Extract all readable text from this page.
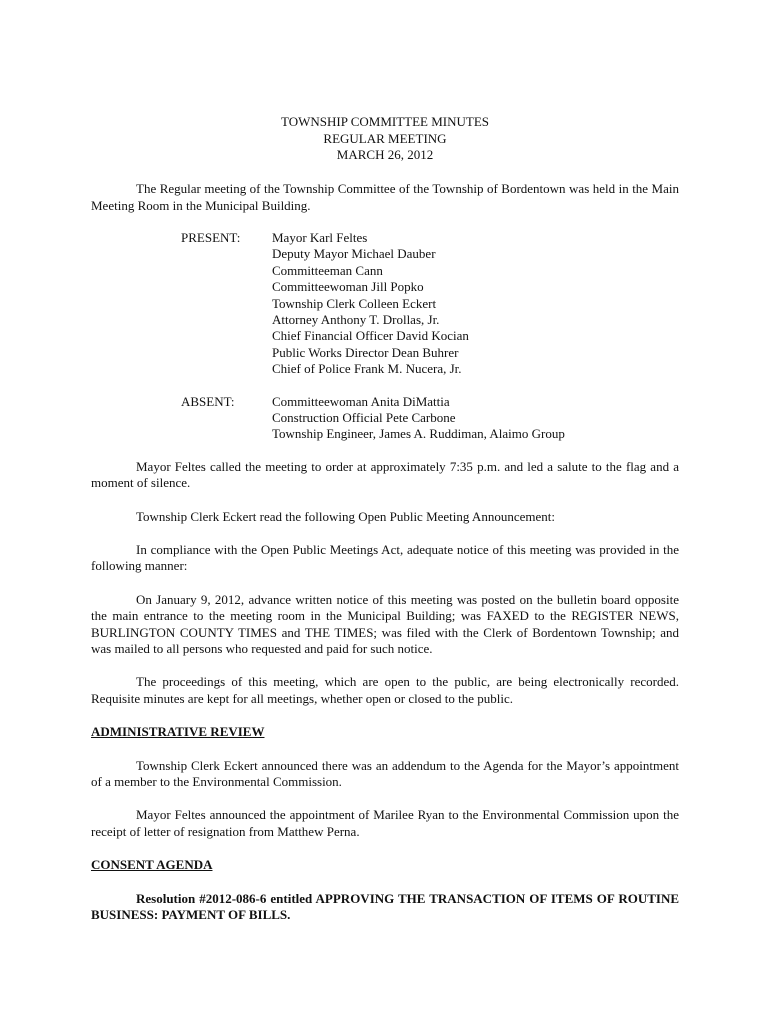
TOWNSHIP COMMITTEE MINUTES
REGULAR MEETING
MARCH 26, 2012

The Regular meeting of the Township Committee of the Township of Bordentown was held in the Main Meeting Room in the Municipal Building.

PRESENT:	Mayor Karl Feltes
Deputy Mayor Michael Dauber
Committeeman Cann
Committeewoman Jill Popko
Township Clerk Colleen Eckert
Attorney Anthony T. Drollas, Jr.
Chief Financial Officer David Kocian
Public Works Director Dean Buhrer
Chief of Police Frank M. Nucera, Jr.
ABSENT:	Committeewoman Anita DiMattia
Construction Official Pete Carbone
Township Engineer, James A. Ruddiman, Alaimo Group

Mayor Feltes called the meeting to order at approximately 7:35 p.m. and led a salute to the flag and a moment of silence.

Township Clerk Eckert read the following Open Public Meeting Announcement:

In compliance with the Open Public Meetings Act, adequate notice of this meeting was provided in the following manner:

On January 9, 2012, advance written notice of this meeting was posted on the bulletin board opposite the main entrance to the meeting room in the Municipal Building; was FAXED to the REGISTER NEWS, BURLINGTON COUNTY TIMES and THE TIMES; was filed with the Clerk of Bordentown Township; and was mailed to all persons who requested and paid for such notice.

The proceedings of this meeting, which are open to the public, are being electronically recorded. Requisite minutes are kept for all meetings, whether open or closed to the public.

ADMINISTRATIVE REVIEW

Township Clerk Eckert announced there was an addendum to the Agenda for the Mayor’s appointment of a member to the Environmental Commission.

Mayor Feltes announced the appointment of Marilee Ryan to the Environmental Commission upon the receipt of letter of resignation from Matthew Perna.

CONSENT AGENDA

Resolution #2012-086-6 entitled APPROVING THE TRANSACTION OF ITEMS OF ROUTINE BUSINESS: PAYMENT OF BILLS.
